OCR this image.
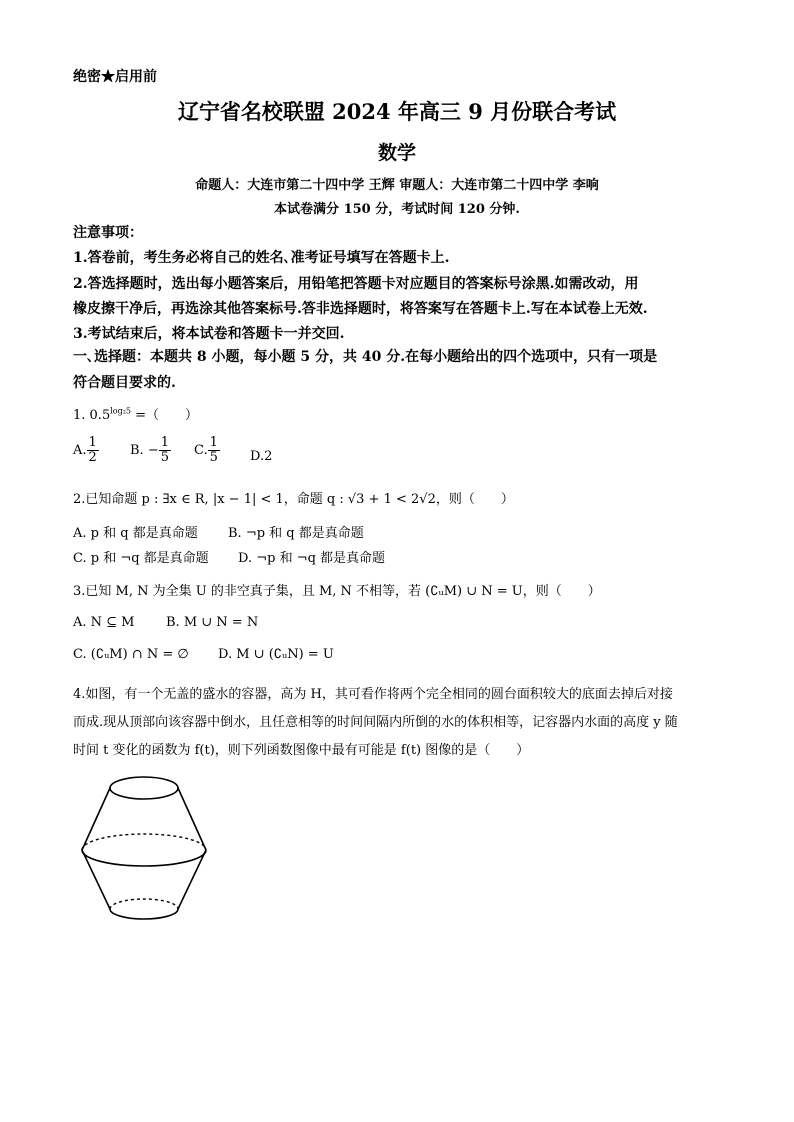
绝密★启用前
辽宁省名校联盟 2024 年高三 9 月份联合考试
数学
命题人：大连市第二十四中学 王辉 审题人：大连市第二十四中学 李响
本试卷满分 150 分，考试时间 120 分钟.
注意事项：
1.答卷前，考生务必将自己的姓名､准考证号填写在答题卡上.
2.答选择题时，选出每小题答案后，用铅笔把答题卡对应题目的答案标号涂黑.如需改动，用
橡皮擦干净后，再选涂其他答案标号.答非选择题时，将答案写在答题卡上.写在本试卷上无效.
3.考试结束后，将本试卷和答题卡一并交回.
一､选择题：本题共 8 小题，每小题 5 分，共 40 分.在每小题给出的四个选项中，只有一项是
符合题目要求的.
1. $0.5^{log_25}$ =（　　）
A. $\frac{1}{2} B$. − $\frac{1}{5} C$. $\frac{1}{5} D.2$
2.已知命题 p : ∃x ∈ R, |x − 1| < 1，命题 q : √3 + 1 < 2√2，则（　　）
A. p 和 q 都是真命题 B. ¬p 和 q 都是真命题
C. p 和 ¬q 都是真命题 D. ¬p 和 ¬q 都是真命题
3.已知 M, N 为全集 U 的非空真子集，且 M, N 不相等，若 (∁ᵤM) ∪ N = U，则（　　）
A. N ⊆ M B. M ∪ N = N
C. (∁ᵤM) ∩ N = ∅ D. M ∪ (∁ᵤN) = U
4.如图，有一个无盖的盛水的容器，高为 H，其可看作将两个完全相同的圆台面积较大的底面去掉后对接
而成.现从顶部向该容器中倒水，且任意相等的时间间隔内所倒的水的体积相等，记容器内水面的高度 y 随
时间 t 变化的函数为 f(t)，则下列函数图像中最有可能是 f(t) 图像的是（　　）
